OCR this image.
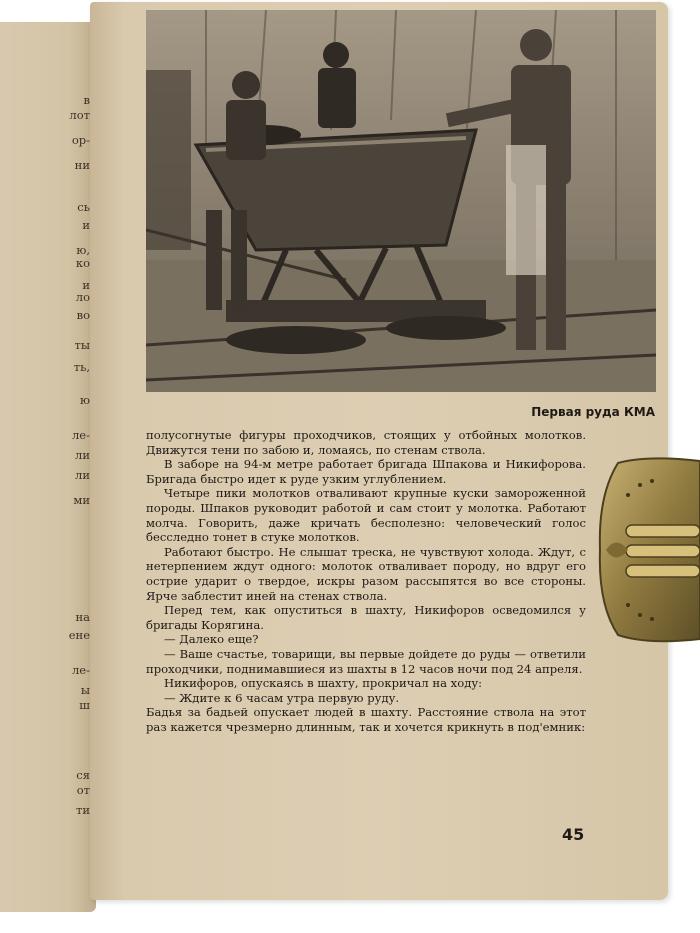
в
лот
ор-
ни
сь
и
ю,
ко
и
ло
во
ты
ть,
ю
ле-
ли
ли
ми
на
ене
ле-
ы
ш
ся
от
ти
Первая руда КМА

полусогнутые фигуры проходчиков, стоящих у отбойных молотков. Движутся тени по забою и, ломаясь, по стенам ствола.

В заборе на 94-м метре работает бригада Шпакова и Никифорова. Бригада быстро идет к руде узким углублением.

Четыре пики молотков отваливают крупные куски замороженной породы. Шпаков руководит работой и сам стоит у молотка. Работают молча. Говорить, даже кричать бесполезно: человеческий голос бесследно тонет в стуке молотков.

Работают быстро. Не слышат треска, не чувствуют холода. Ждут, с нетерпением ждут одного: молоток отваливает породу, но вдруг его острие ударит о твердое, искры разом рассыпятся во все стороны. Ярче заблестит иней на стенах ствола.

Перед тем, как опуститься в шахту, Никифоров осведомился у бригады Корягина.

— Далеко еще?

— Ваше счастье, товарищи, вы первые дойдете до руды — ответили проходчики, поднимавшиеся из шахты в 12 часов ночи под 24 апреля.

Никифоров, опускаясь в шахту, прокричал на ходу:

— Ждите к 6 часам утра первую руду.

Бадья за бадьей опускает людей в шахту. Расстояние ствола на этот раз кажется чрезмерно длинным, так и хочется крикнуть в под'емник:

45
